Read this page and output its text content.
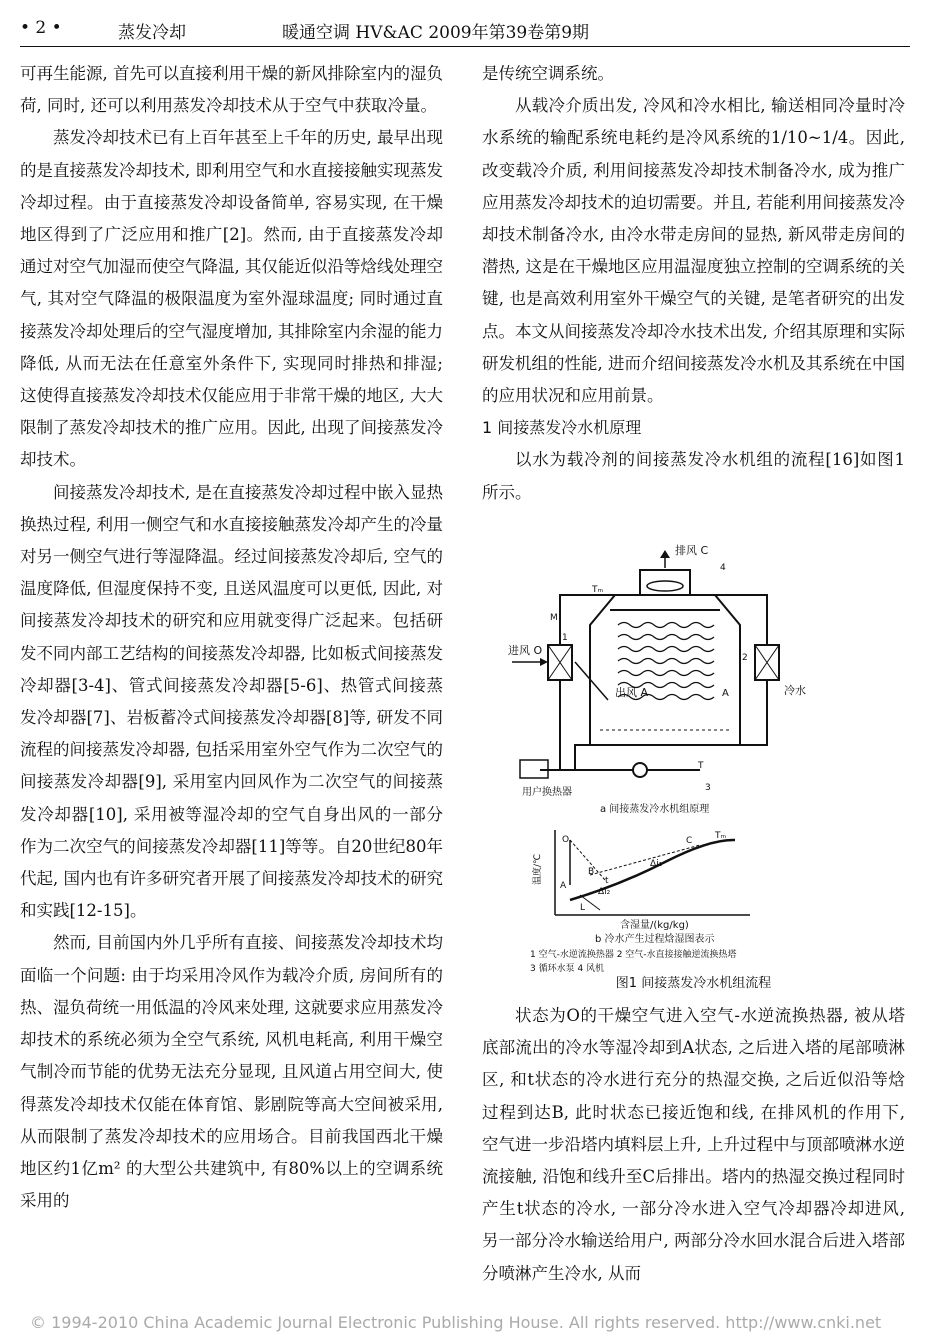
• 2 •	蒸发冷却	暖通空调 HV&AC 2009年第39卷第9期

可再生能源, 首先可以直接利用干燥的新风排除室内的湿负荷, 同时, 还可以利用蒸发冷却技术从于空气中获取冷量。

蒸发冷却技术已有上百年甚至上千年的历史, 最早出现的是直接蒸发冷却技术, 即利用空气和水直接接触实现蒸发冷却过程。由于直接蒸发冷却设备简单, 容易实现, 在干燥地区得到了广泛应用和推广[2]。然而, 由于直接蒸发冷却通过对空气加湿而使空气降温, 其仅能近似沿等焓线处理空气, 其对空气降温的极限温度为室外湿球温度; 同时通过直接蒸发冷却处理后的空气湿度增加, 其排除室内余湿的能力降低, 从而无法在任意室外条件下, 实现同时排热和排湿; 这使得直接蒸发冷却技术仅能应用于非常干燥的地区, 大大限制了蒸发冷却技术的推广应用。因此, 出现了间接蒸发冷却技术。

间接蒸发冷却技术, 是在直接蒸发冷却过程中嵌入显热换热过程, 利用一侧空气和水直接接触蒸发冷却产生的冷量对另一侧空气进行等湿降温。经过间接蒸发冷却后, 空气的温度降低, 但湿度保持不变, 且送风温度可以更低, 因此, 对间接蒸发冷却技术的研究和应用就变得广泛起来。包括研发不同内部工艺结构的间接蒸发冷却器, 比如板式间接蒸发冷却器[3-4]、管式间接蒸发冷却器[5-6]、热管式间接蒸发冷却器[7]、岩板蓄冷式间接蒸发冷却器[8]等, 研发不同流程的间接蒸发冷却器, 包括采用室外空气作为二次空气的间接蒸发冷却器[9], 采用室内回风作为二次空气的间接蒸发冷却器[10], 采用被等湿冷却的空气自身出风的一部分作为二次空气的间接蒸发冷却器[11]等等。自20世纪80年代起, 国内也有许多研究者开展了间接蒸发冷却技术的研究和实践[12-15]。

然而, 目前国内外几乎所有直接、间接蒸发冷却技术均面临一个问题: 由于均采用冷风作为载冷介质, 房间所有的热、湿负荷统一用低温的冷风来处理, 这就要求应用蒸发冷却技术的系统必须为全空气系统, 风机电耗高, 利用干燥空气制冷而节能的优势无法充分显现, 且风道占用空间大, 使得蒸发冷却技术仅能在体育馆、影剧院等高大空间被采用, 从而限制了蒸发冷却技术的应用场合。目前我国西北干燥地区约1亿m² 的大型公共建筑中, 有80%以上的空调系统采用的

是传统空调系统。

从载冷介质出发, 冷风和冷水相比, 输送相同冷量时冷水系统的输配系统电耗约是冷风系统的1/10~1/4。因此, 改变载冷介质, 利用间接蒸发冷却技术制备冷水, 成为推广应用蒸发冷却技术的迫切需要。并且, 若能利用间接蒸发冷却技术制备冷水, 由冷水带走房间的显热, 新风带走房间的潜热, 这是在干燥地区应用温湿度独立控制的空调系统的关键, 也是高效利用室外干燥空气的关键, 是笔者研究的出发点。本文从间接蒸发冷却冷水技术出发, 介绍其原理和实际研发机组的性能, 进而介绍间接蒸发冷水机及其系统在中国的应用状况和应用前景。

1 间接蒸发冷水机原理

以水为载冷剂的间接蒸发冷水机组的流程[16]如图1所示。

排风 C
Tₘ
M
进风 O
出风 A	A	冷水
T
用户换热器
1
2
3
4
a 间接蒸发冷水机组原理
温度/℃
含湿量/(kg/kg)
O
A
B
C
L
Tₘ
Δi₁
Δi₂
t
b 冷水产生过程焓湿图表示
1 空气-水逆流换热器 2 空气-水直接接触逆流换热塔
3 循环水泵 4 风机
图1 间接蒸发冷水机组流程

状态为O的干燥空气进入空气-水逆流换热器, 被从塔底部流出的冷水等湿冷却到A状态, 之后进入塔的尾部喷淋区, 和t状态的冷水进行充分的热湿交换, 之后近似沿等焓过程到达B, 此时状态已接近饱和线, 在排风机的作用下, 空气进一步沿塔内填料层上升, 上升过程中与顶部喷淋水逆流接触, 沿饱和线升至C后排出。塔内的热湿交换过程同时产生t状态的冷水, 一部分冷水进入空气冷却器冷却进风, 另一部分冷水输送给用户, 两部分冷水回水混合后进入塔部分喷淋产生冷水, 从而

© 1994-2010 China Academic Journal Electronic Publishing House. All rights reserved. http://www.cnki.net
